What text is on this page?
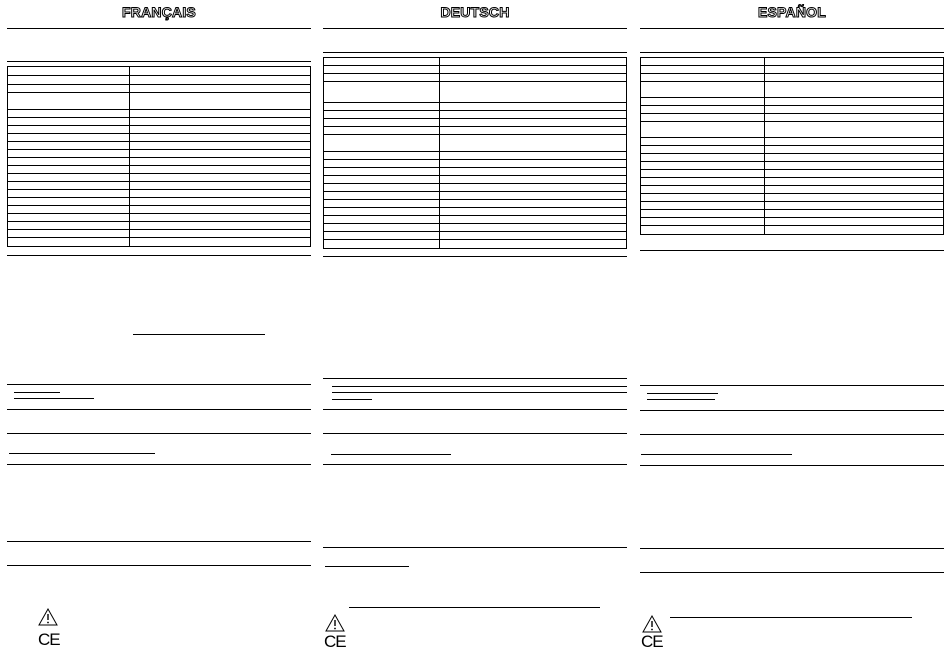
FRANÇAIS
CE
DEUTSCH
CE
ESPAÑOL
CE
